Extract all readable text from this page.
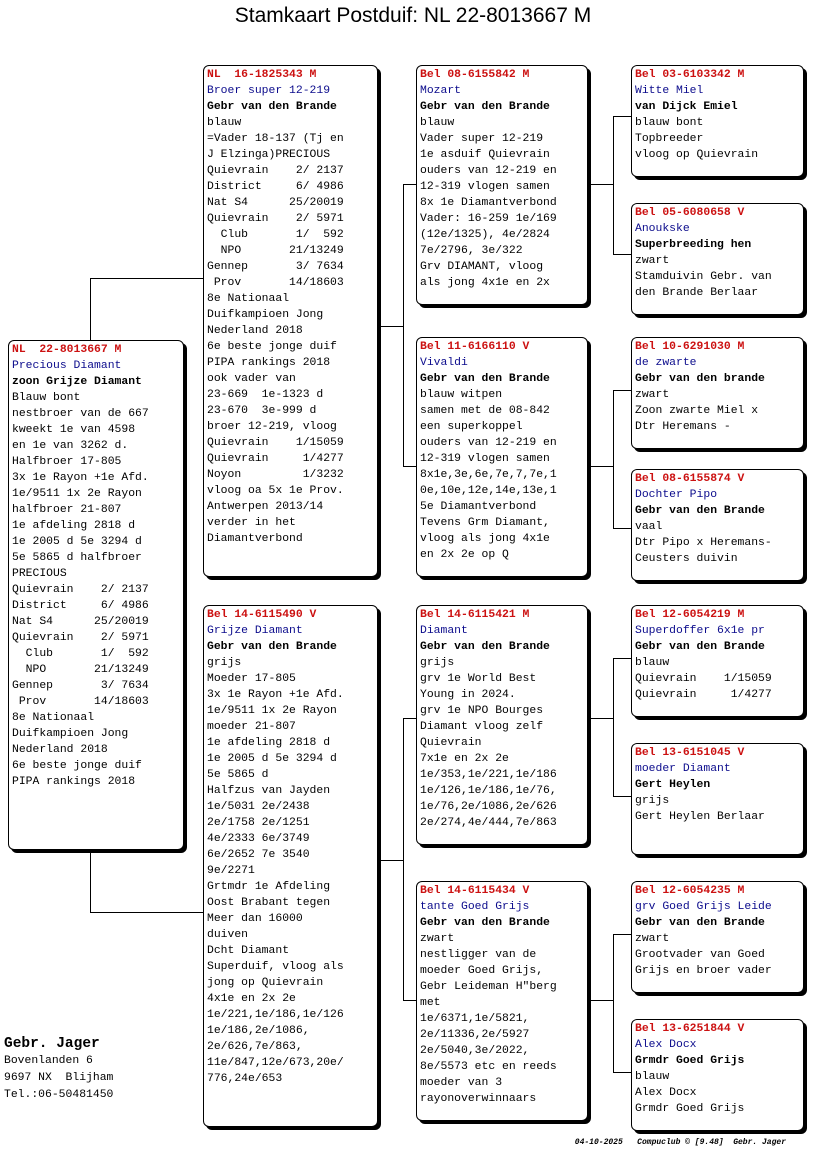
Stamkaart Postduif: NL 22-8013667 M
NL  22-8013667 M
Precious Diamant
zoon Grijze Diamant
Blauw bont
nestbroer van de 667
kweekt 1e van 4598
en 1e van 3262 d.
Halfbroer 17-805
3x 1e Rayon +1e Afd.
1e/9511 1x 2e Rayon
halfbroer 21-807
1e afdeling 2818 d
1e 2005 d 5e 3294 d
5e 5865 d halfbroer
PRECIOUS
Quievrain    2/ 2137
District     6/ 4986
Nat S4      25/20019
Quievrain    2/ 5971
Club       1/  592
NPO       21/13249
Gennep       3/ 7634
Prov       14/18603
8e Nationaal
Duifkampioen Jong
Nederland 2018
6e beste jonge duif
PIPA rankings 2018
NL  16-1825343 M
Broer super 12-219
Gebr van den Brande
blauw
=Vader 18-137 (Tj en
J Elzinga)PRECIOUS
Quievrain    2/ 2137
District     6/ 4986
Nat S4      25/20019
Quievrain    2/ 5971
Club       1/  592
NPO       21/13249
Gennep       3/ 7634
Prov       14/18603
8e Nationaal
Duifkampioen Jong
Nederland 2018
6e beste jonge duif
PIPA rankings 2018
ook vader van
23-669  1e-1323 d
23-670  3e-999 d
broer 12-219, vloog
Quievrain    1/15059
Quievrain     1/4277
Noyon         1/3232
vloog oa 5x 1e Prov.
Antwerpen 2013/14
verder in het
Diamantverbond
Bel 14-6115490 V
Grijze Diamant
Gebr van den Brande
grijs
Moeder 17-805
3x 1e Rayon +1e Afd.
1e/9511 1x 2e Rayon
moeder 21-807
1e afdeling 2818 d
1e 2005 d 5e 3294 d
5e 5865 d
Halfzus van Jayden
1e/5031 2e/2438
2e/1758 2e/1251
4e/2333 6e/3749
6e/2652 7e 3540
9e/2271
Grtmdr 1e Afdeling
Oost Brabant tegen
Meer dan 16000
duiven
Dcht Diamant
Superduif, vloog als
jong op Quievrain
4x1e en 2x 2e
1e/221,1e/186,1e/126
1e/186,2e/1086,
2e/626,7e/863,
11e/847,12e/673,20e/
776,24e/653
Bel 08-6155842 M
Mozart
Gebr van den Brande
blauw
Vader super 12-219
1e asduif Quievrain
ouders van 12-219 en
12-319 vlogen samen
8x 1e Diamantverbond
Vader: 16-259 1e/169
(12e/1325), 4e/2824
7e/2796, 3e/322
Grv DIAMANT, vloog
als jong 4x1e en 2x
Bel 11-6166110 V
Vivaldi
Gebr van den Brande
blauw witpen
samen met de 08-842
een superkoppel
ouders van 12-219 en
12-319 vlogen samen
8x1e,3e,6e,7e,7,7e,1
0e,10e,12e,14e,13e,1
5e Diamantverbond
Tevens Grm Diamant,
vloog als jong 4x1e
en 2x 2e op Q
Bel 14-6115421 M
Diamant
Gebr van den Brande
grijs
grv 1e World Best
Young in 2024.
grv 1e NPO Bourges
Diamant vloog zelf
Quievrain
7x1e en 2x 2e
1e/353,1e/221,1e/186
1e/126,1e/186,1e/76,
1e/76,2e/1086,2e/626
2e/274,4e/444,7e/863
Bel 14-6115434 V
tante Goed Grijs
Gebr van den Brande
zwart
nestligger van de
moeder Goed Grijs,
Gebr Leideman H"berg
met
1e/6371,1e/5821,
2e/11336,2e/5927
2e/5040,3e/2022,
8e/5573 etc en reeds
moeder van 3
rayonoverwinnaars
Bel 03-6103342 M
Witte Miel
van Dijck Emiel
blauw bont
Topbreeder
vloog op Quievrain
Bel 05-6080658 V
Anoukske
Superbreeding hen
zwart
Stamduivin Gebr. van
den Brande Berlaar
Bel 10-6291030 M
de zwarte
Gebr van den brande
zwart
Zoon zwarte Miel x
Dtr Heremans -
Bel 08-6155874 V
Dochter Pipo
Gebr van den Brande
vaal
Dtr Pipo x Heremans-
Ceusters duivin
Bel 12-6054219 M
Superdoffer 6x1e pr
Gebr van den Brande
blauw
Quievrain    1/15059
Quievrain     1/4277
Bel 13-6151045 V
moeder Diamant
Gert Heylen
grijs
Gert Heylen Berlaar
Bel 12-6054235 M
grv Goed Grijs Leide
Gebr van den Brande
zwart
Grootvader van Goed
Grijs en broer vader
Bel 13-6251844 V
Alex Docx
Grmdr Goed Grijs
blauw
Alex Docx
Grmdr Goed Grijs
Gebr. Jager
Bovenlanden 6
9697 NX  Blijham
Tel.:06-50481450
04-10-2025   Compuclub © [9.48]  Gebr. Jager
